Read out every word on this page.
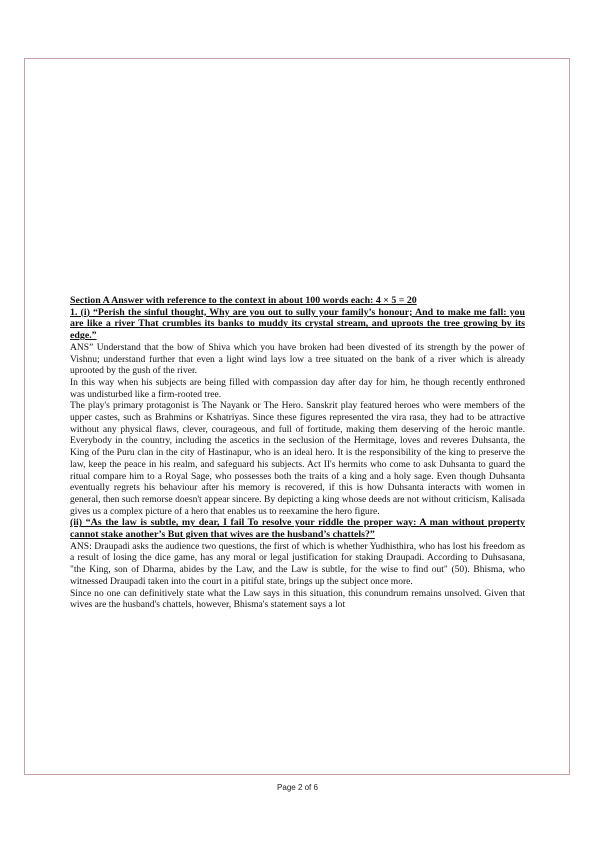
Section A Answer with reference to the context in about 100 words each: 4 × 5 = 20

1. (i) “Perish the sinful thought, Why are you out to sully your family’s honour; And to make me fall: you are like a river That crumbles its banks to muddy its crystal stream, and uproots the tree growing by its edge.”

ANS” Understand that the bow of Shiva which you have broken had been divested of its strength by the power of Vishnu; understand further that even a light wind lays low a tree situated on the bank of a river which is already uprooted by the gush of the river.

In this way when his subjects are being filled with compassion day after day for him, he though recently enthroned was undisturbed like a firm-rooted tree.

The play's primary protagonist is The Nayank or The Hero. Sanskrit play featured heroes who were members of the upper castes, such as Brahmins or Kshatriyas. Since these figures represented the vira rasa, they had to be attractive without any physical flaws, clever, courageous, and full of fortitude, making them deserving of the heroic mantle. Everybody in the country, including the ascetics in the seclusion of the Hermitage, loves and reveres Duhsanta, the King of the Puru clan in the city of Hastinapur, who is an ideal hero. It is the responsibility of the king to preserve the law, keep the peace in his realm, and safeguard his subjects. Act II's hermits who come to ask Duhsanta to guard the ritual compare him to a Royal Sage, who possesses both the traits of a king and a holy sage. Even though Duhsanta eventually regrets his behaviour after his memory is recovered, if this is how Duhsanta interacts with women in general, then such remorse doesn't appear sincere. By depicting a king whose deeds are not without criticism, Kalisada gives us a complex picture of a hero that enables us to reexamine the hero figure.

(ii) “As the law is subtle, my dear, I fail To resolve your riddle the proper way: A man without property cannot stake another’s But given that wives are the husband’s chattels?”

ANS: Draupadi asks the audience two questions, the first of which is whether Yudhisthira, who has lost his freedom as a result of losing the dice game, has any moral or legal justification for staking Draupadi. According to Duhsasana, "the King, son of Dharma, abides by the Law, and the Law is subtle, for the wise to find out" (50). Bhisma, who witnessed Draupadi taken into the court in a pitiful state, brings up the subject once more.

Since no one can definitively state what the Law says in this situation, this conundrum remains unsolved. Given that wives are the husband's chattels, however, Bhisma's statement says a lot

Page 2 of 6
